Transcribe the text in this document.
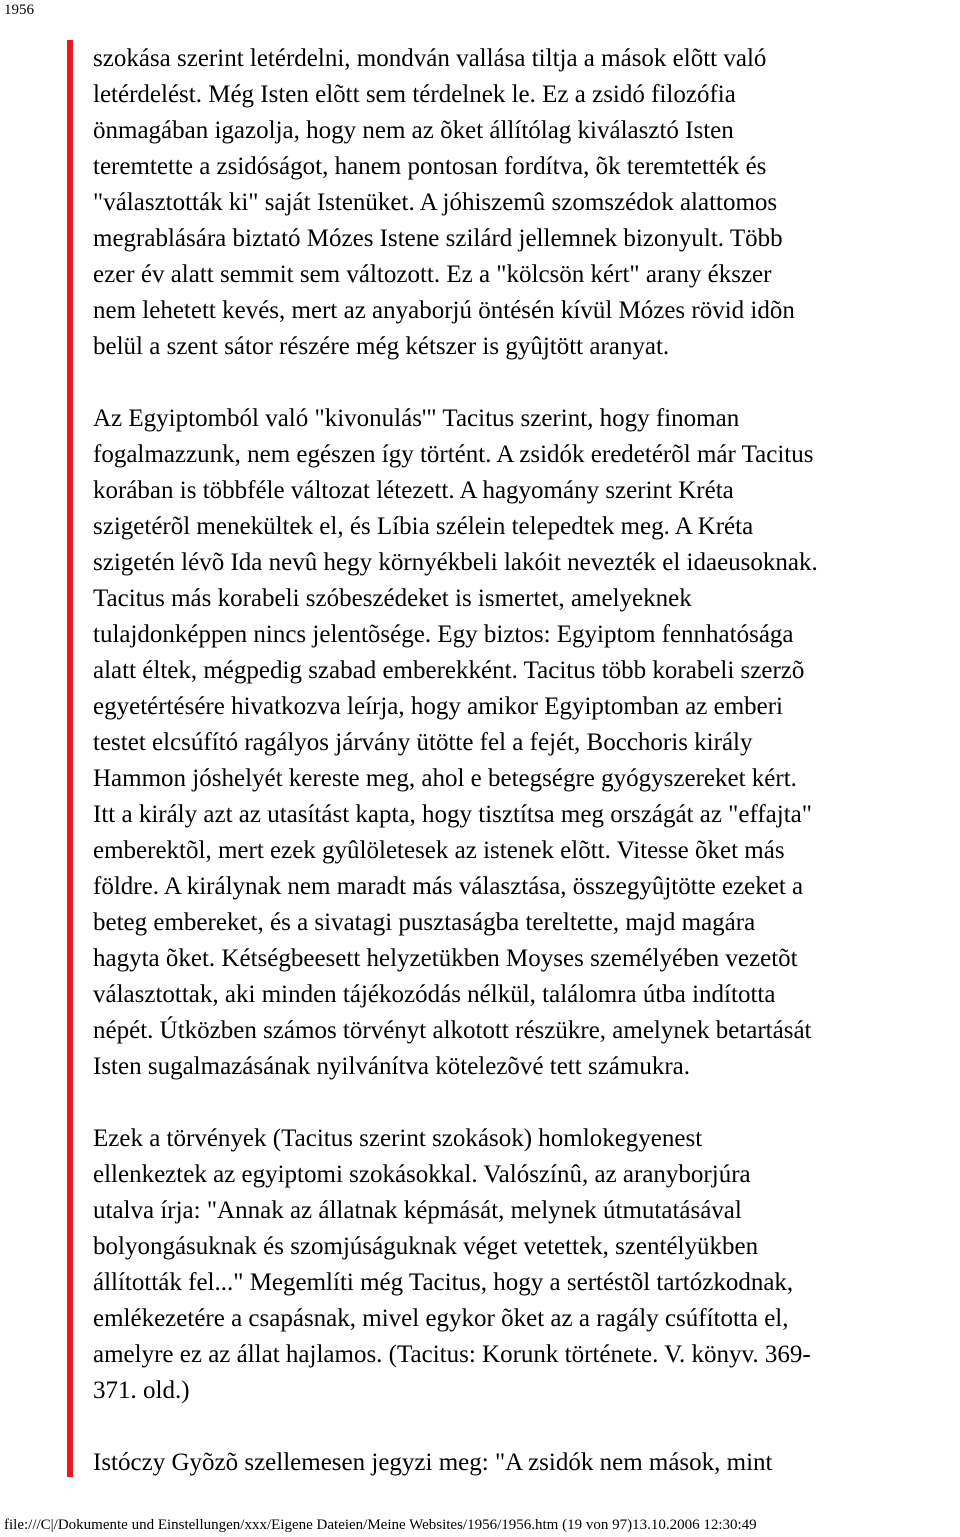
1956

szokása szerint letérdelni, mondván vallása tiltja a mások elõtt való
letérdelést. Még Isten elõtt sem térdelnek le. Ez a zsidó filozófia
önmagában igazolja, hogy nem az õket állítólag kiválasztó Isten
teremtette a zsidóságot, hanem pontosan fordítva, õk teremtették és
"választották ki" saját Istenüket. A jóhiszemû szomszédok alattomos
megrablására biztató Mózes Istene szilárd jellemnek bizonyult. Több
ezer év alatt semmit sem változott. Ez a "kölcsön kért" arany ékszer
nem lehetett kevés, mert az anyaborjú öntésén kívül Mózes rövid idõn
belül a szent sátor részére még kétszer is gyûjtött aranyat.

Az Egyiptomból való "kivonulás'" Tacitus szerint, hogy finoman
fogalmazzunk, nem egészen így történt. A zsidók eredetérõl már Tacitus
korában is többféle változat létezett. A hagyomány szerint Kréta
szigetérõl menekültek el, és Líbia szélein telepedtek meg. A Kréta
szigetén lévõ Ida nevû hegy környékbeli lakóit nevezték el idaeusoknak.
Tacitus más korabeli szóbeszédeket is ismertet, amelyeknek
tulajdonképpen nincs jelentõsége. Egy biztos: Egyiptom fennhatósága
alatt éltek, mégpedig szabad emberekként. Tacitus több korabeli szerzõ
egyetértésére hivatkozva leírja, hogy amikor Egyiptomban az emberi
testet elcsúfító ragályos járvány ütötte fel a fejét, Bocchoris király
Hammon jóshelyét kereste meg, ahol e betegségre gyógyszereket kért.
Itt a király azt az utasítást kapta, hogy tisztítsa meg országát az "effajta"
emberektõl, mert ezek gyûlöletesek az istenek elõtt. Vitesse õket más
földre. A királynak nem maradt más választása, összegyûjtötte ezeket a
beteg embereket, és a sivatagi pusztaságba tereltette, majd magára
hagyta õket. Kétségbeesett helyzetükben Moyses személyében vezetõt
választottak, aki minden tájékozódás nélkül, találomra útba indította
népét. Útközben számos törvényt alkotott részükre, amelynek betartását
Isten sugalmazásának nyilvánítva kötelezõvé tett számukra.

Ezek a törvények (Tacitus szerint szokások) homlokegyenest
ellenkeztek az egyiptomi szokásokkal. Valószínû, az aranyborjúra
utalva írja: "Annak az állatnak képmását, melynek útmutatásával
bolyongásuknak és szomjúságuknak véget vetettek, szentélyükben
állították fel..." Megemlíti még Tacitus, hogy a sertéstõl tartózkodnak,
emlékezetére a csapásnak, mivel egykor õket az a ragály csúfította el,
amelyre ez az állat hajlamos. (Tacitus: Korunk története. V. könyv. 369-
371. old.)

Istóczy Gyõzõ szellemesen jegyzi meg: "A zsidók nem mások, mint

file:///C|/Dokumente und Einstellungen/xxx/Eigene Dateien/Meine Websites/1956/1956.htm (19 von 97)13.10.2006 12:30:49
